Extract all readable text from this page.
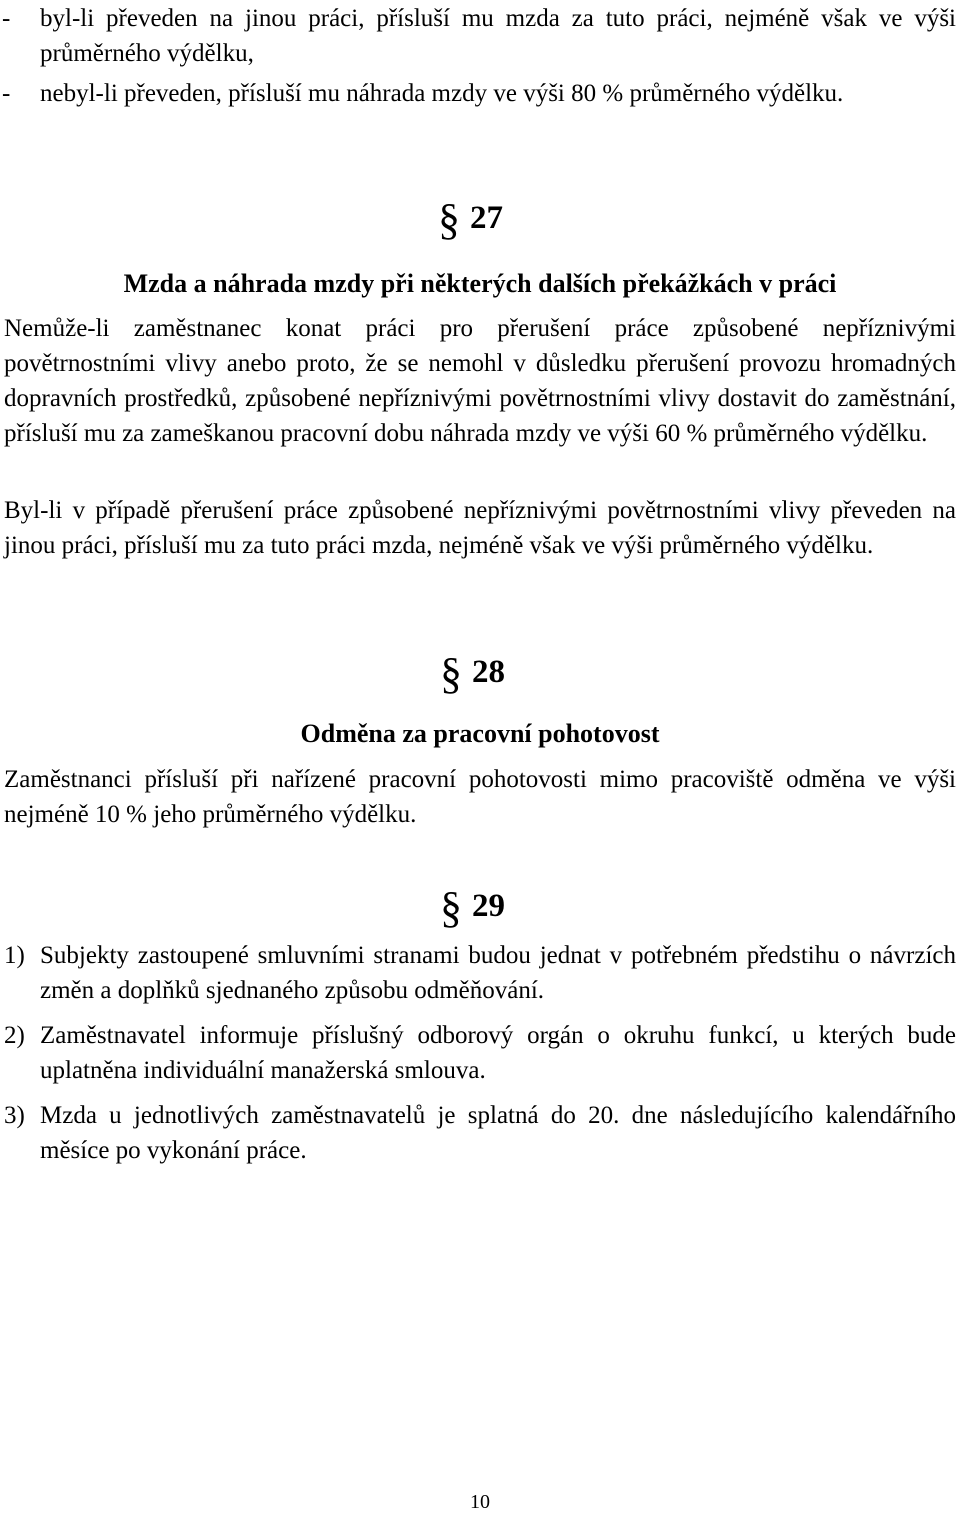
-	byl-li převeden na jinou práci, přísluší mu mzda za tuto práci, nejméně však ve výši průměrného výdělku,
-	nebyl-li převeden, přísluší mu náhrada mzdy ve výši 80 % průměrného výdělku.
§ 27
Mzda a náhrada mzdy při některých dalších překážkách v práci
Nemůže-li zaměstnanec konat práci pro přerušení práce způsobené nepříznivými povětrnostními vlivy anebo proto, že se nemohl v důsledku přerušení provozu hromadných dopravních prostředků, způsobené nepříznivými povětrnostními vlivy dostavit do zaměstnání, přísluší mu za zameškanou pracovní dobu náhrada mzdy ve výši 60 % průměrného výdělku.
Byl-li v případě přerušení práce způsobené nepříznivými povětrnostními vlivy převeden na jinou práci, přísluší mu za tuto práci mzda, nejméně však ve výši průměrného výdělku.
§ 28
Odměna za pracovní pohotovost
Zaměstnanci přísluší při nařízené pracovní pohotovosti mimo pracoviště odměna ve výši nejméně 10 % jeho průměrného výdělku.
§ 29
1) Subjekty zastoupené smluvními stranami budou jednat v potřebném předstihu o návrzích změn a doplňků sjednaného způsobu odměňování.
2) Zaměstnavatel informuje příslušný odborový orgán o okruhu funkcí, u kterých bude uplatněna individuální manažerská smlouva.
3) Mzda u jednotlivých zaměstnavatelů je splatná do 20. dne následujícího kalendářního měsíce po vykonání práce.
10
